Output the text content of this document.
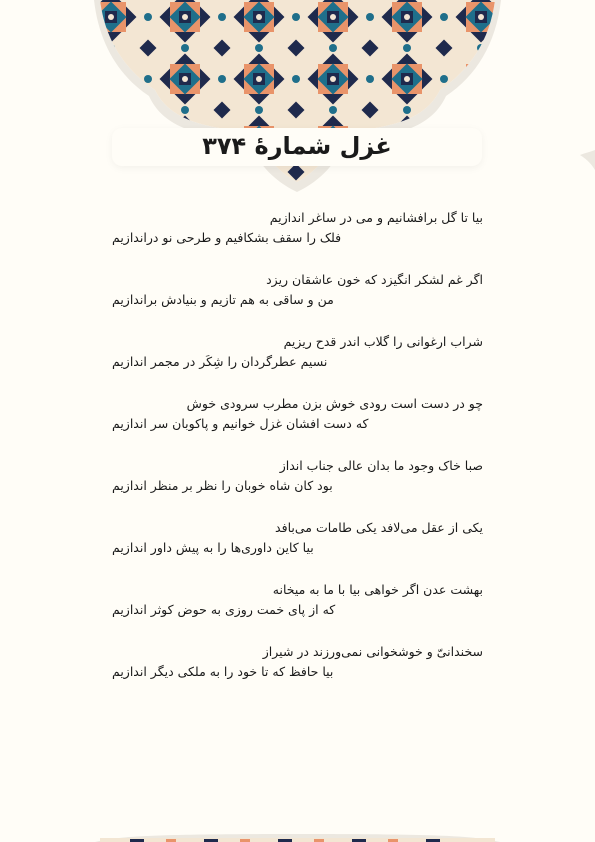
غزل شمارهٔ ۳۷۴
بیا تا گل برافشانیم و می در ساغر اندازیم
فلک را سقف بشکافیم و طرحی نو دراندازیم
اگر غم لشکر انگیزد که خون عاشقان ریزد
من و ساقی به هم تازیم و بنیادش براندازیم
شراب ارغوانی را گلاب اندر قدح ریزیم
نسیم عطرگردان را شِکَر در مجمر اندازیم
چو در دست است رودی خوش بزن مطرب سرودی خوش
که دست افشان غزل خوانیم و پاکوبان سر اندازیم
صبا خاک وجود ما بدان عالی جناب انداز
بود کان شاه خوبان را نظر بر منظر اندازیم
یکی از عقل می‌لافد یکی طامات می‌بافد
بیا کاین داوری‌ها را به پیش داور اندازیم
بهشت عدن اگر خواهی بیا با ما به میخانه
که از پای خمت روزی به حوض کوثر اندازیم
سخندانیّ و خوشخوانی نمی‌ورزند در شیراز
بیا حافظ که تا خود را به ملکی دیگر اندازیم
